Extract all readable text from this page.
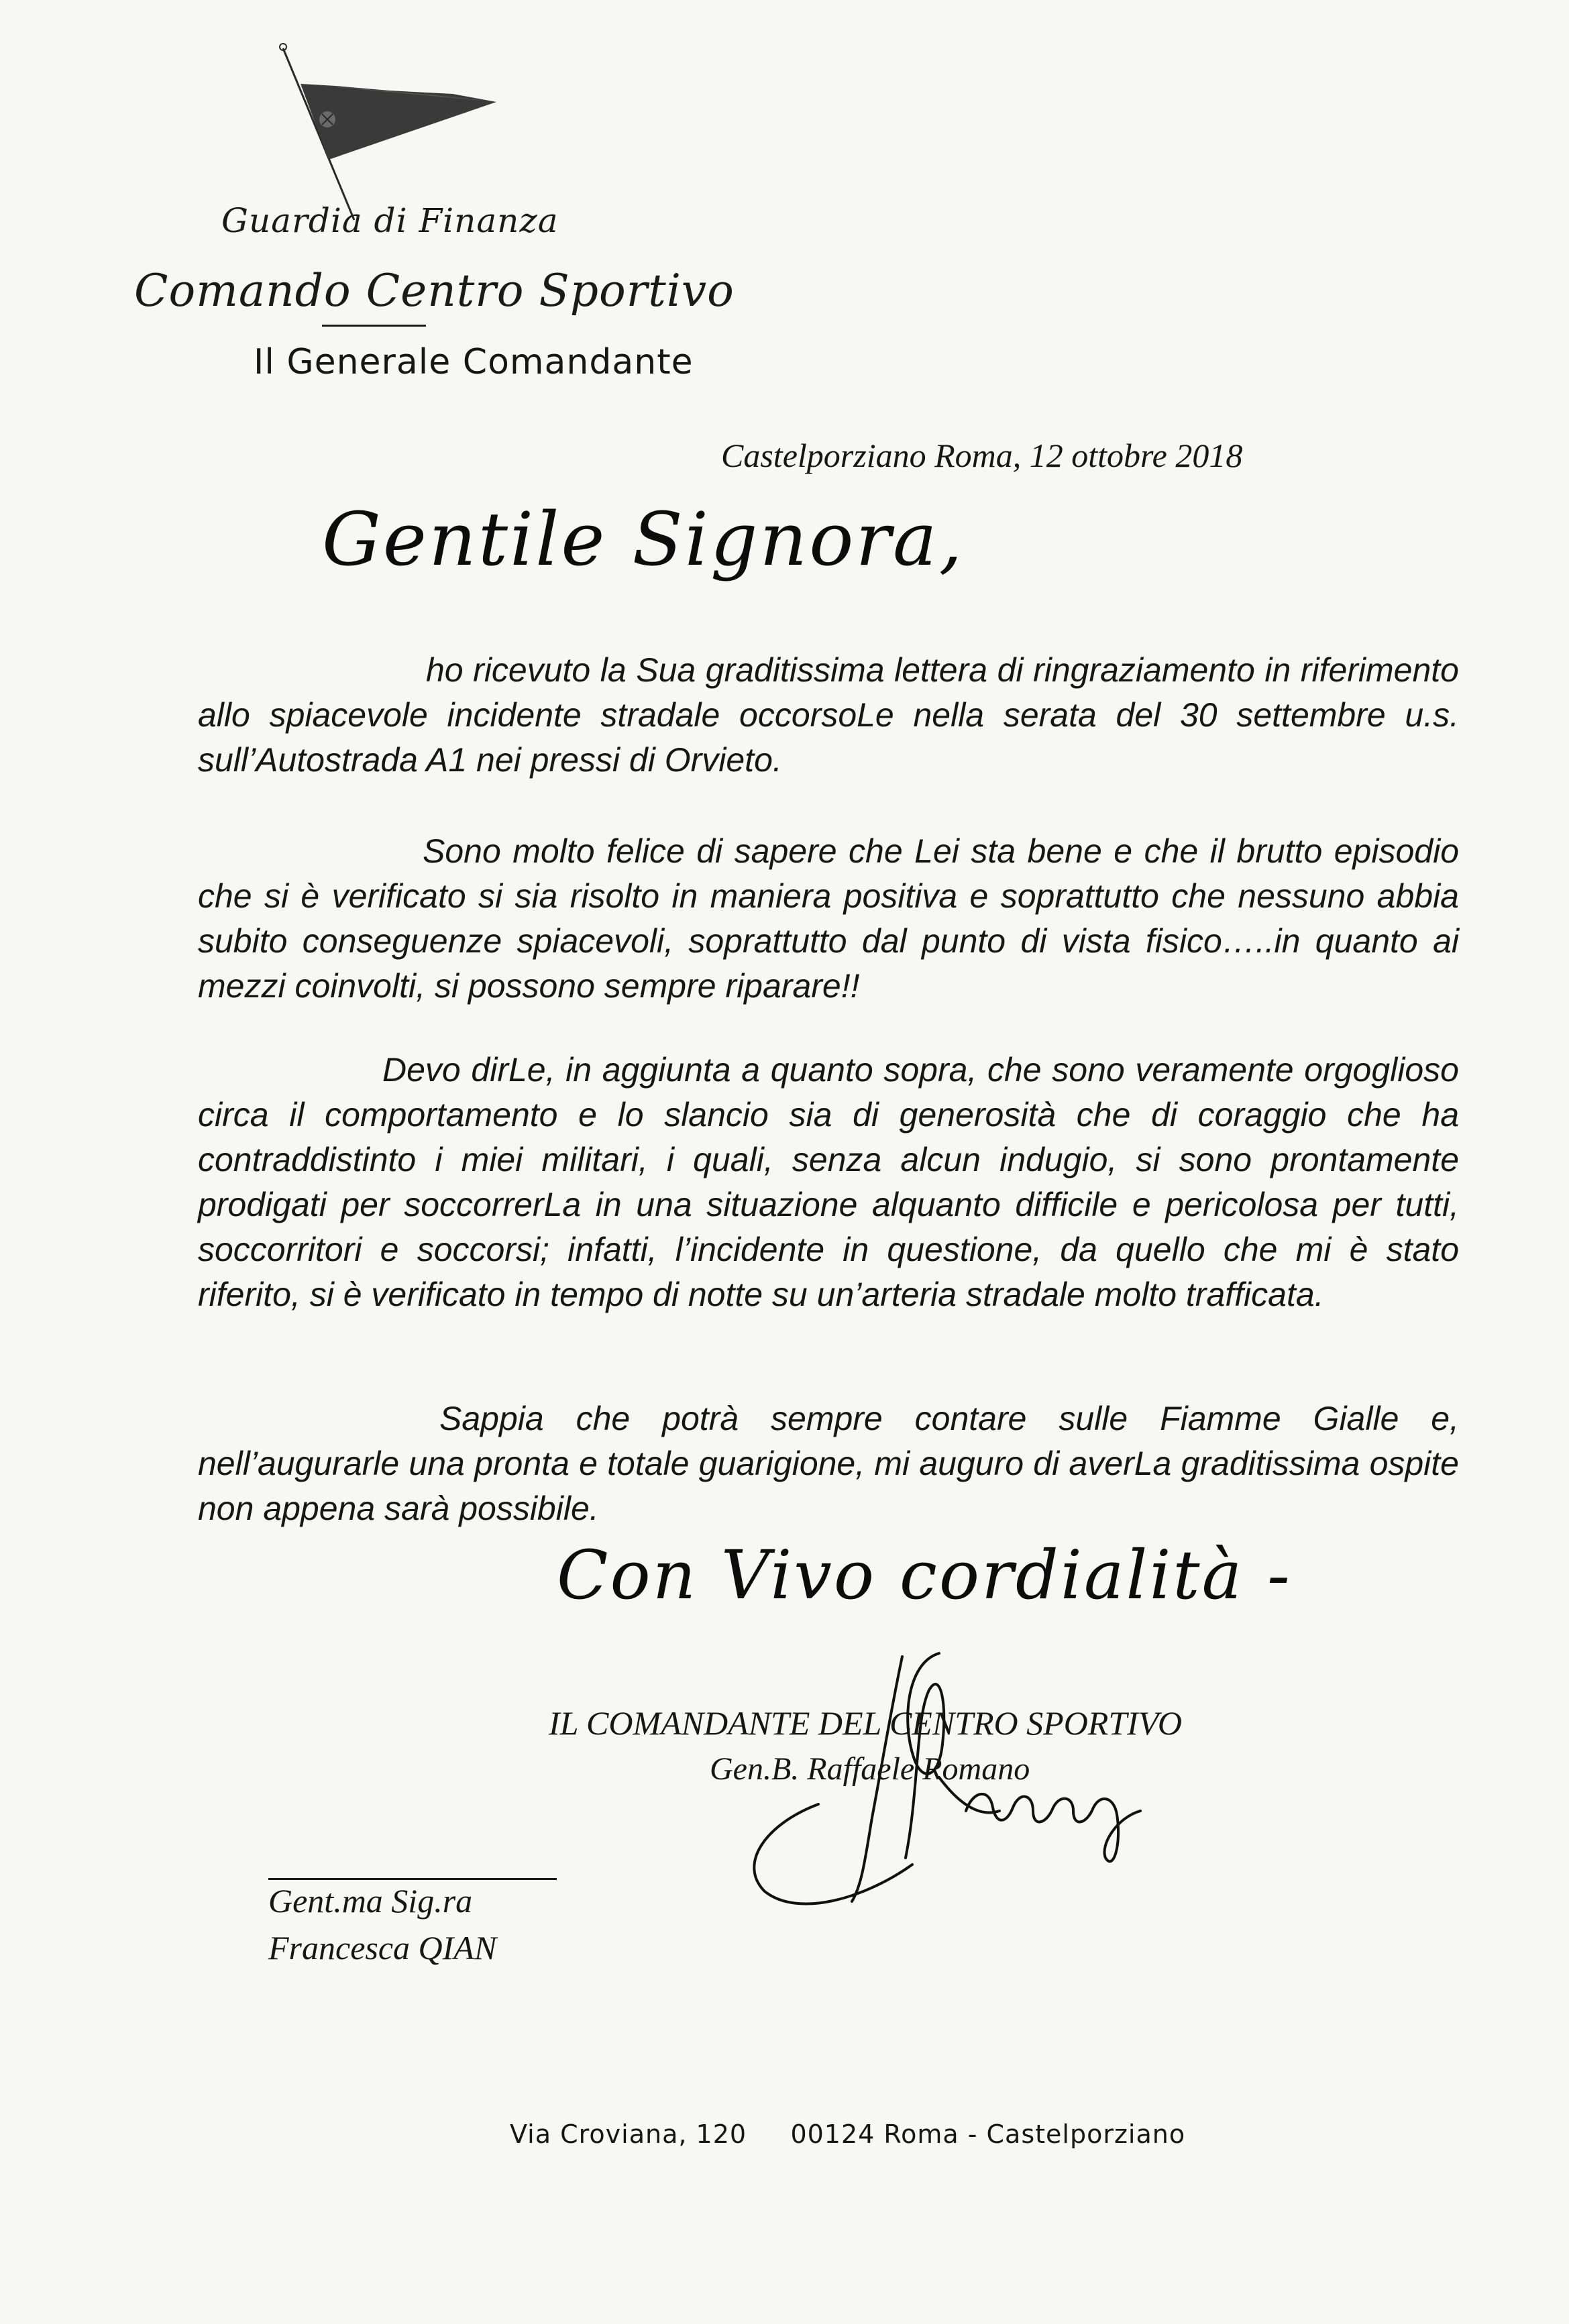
Guardia di Finanza
Comando Centro Sportivo
Il Generale Comandante
Castelporziano Roma, 12 ottobre 2018
Gentile Signora,

ho ricevuto la Sua graditissima lettera di ringraziamento in riferimento allo spiacevole incidente stradale occorsoLe nella serata del 30 settembre u.s. sull’Autostrada A1 nei pressi di Orvieto.

Sono molto felice di sapere che Lei sta bene e che il brutto episodio che si è verificato si sia risolto in maniera positiva e soprattutto che nessuno abbia subito conseguenze spiacevoli, soprattutto dal punto di vista fisico…..in quanto ai mezzi coinvolti, si possono sempre riparare!!

Devo dirLe, in aggiunta a quanto sopra, che sono veramente orgoglioso circa il comportamento e lo slancio sia di generosità che di coraggio che ha contraddistinto i miei militari, i quali, senza alcun indugio, si sono prontamente prodigati per soccorrerLa in una situazione alquanto difficile e pericolosa per tutti, soccorritori e soccorsi; infatti, l’incidente in questione, da quello che mi è stato riferito, si è verificato in tempo di notte su un’arteria stradale molto trafficata.

Sappia che potrà sempre contare sulle Fiamme Gialle e, nell’augurarle una pronta e totale guarigione, mi auguro di averLa graditissima ospite non appena sarà possibile.

Con Vivo cordialità -
IL COMANDANTE DEL CENTRO SPORTIVO
Gen.B. Raffaele Romano
Gent.ma Sig.ra
Francesca QIAN
Via Croviana, 120     00124 Roma - Castelporziano
